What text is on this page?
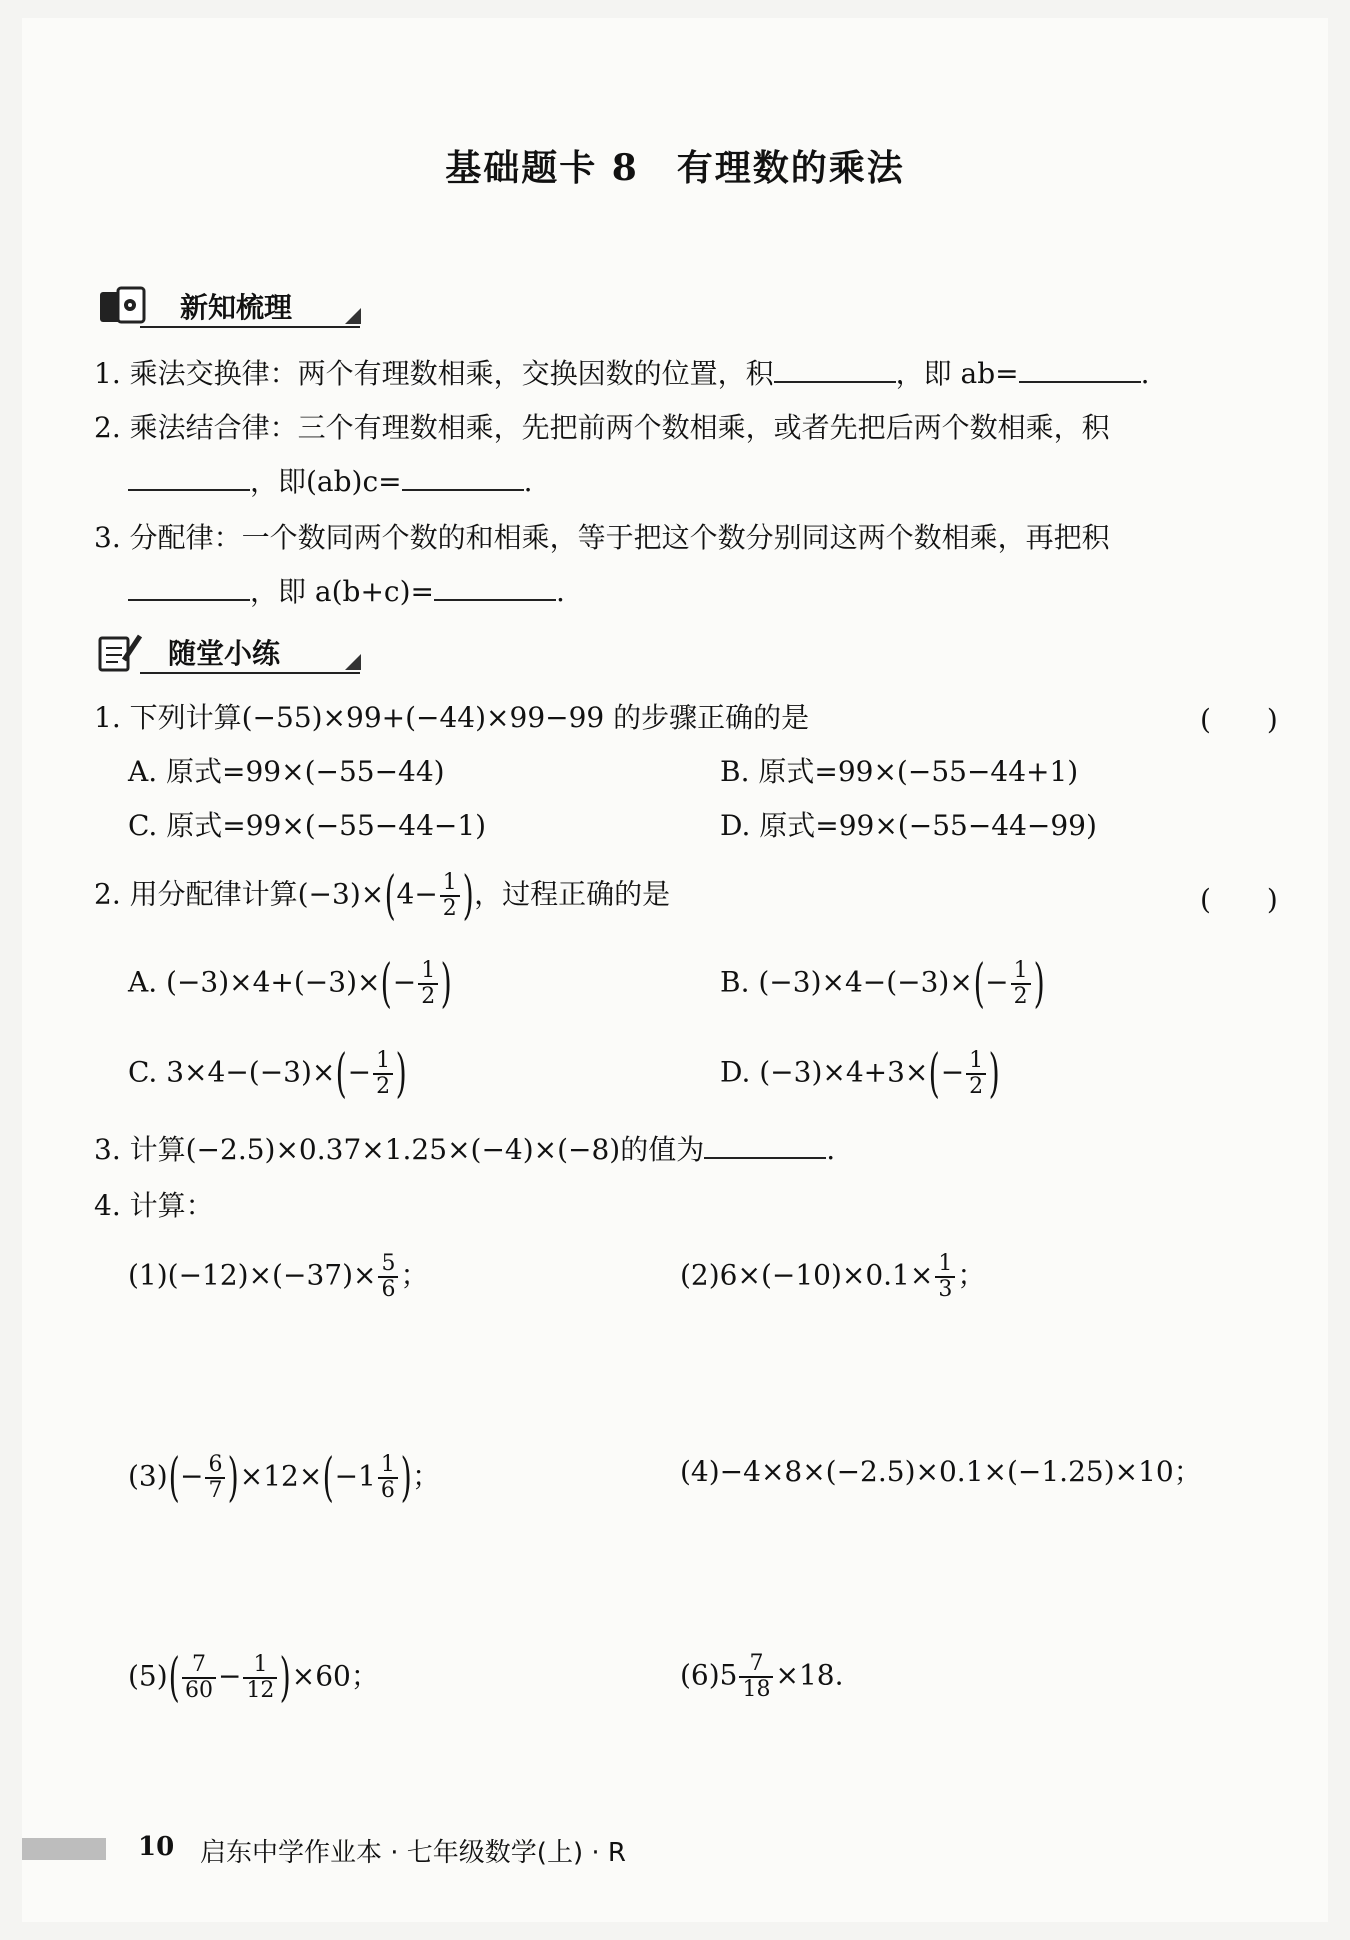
基础题卡 8　有理数的乘法
新知梳理
1. 乘法交换律：两个有理数相乘，交换因数的位置，积	，即 ab=	.
2. 乘法结合律：三个有理数相乘，先把前两个数相乘，或者先把后两个数相乘，积
，即(ab)c=	.
3. 分配律：一个数同两个数的和相乘，等于把这个数分别同这两个数相乘，再把积
，即 a(b+c)=	.
随堂小练
1. 下列计算(−55)×99+(−44)×99−99 的步骤正确的是	(　　)
A. 原式=99×(−55−44)	B. 原式=99×(−55−44+1)
C. 原式=99×(−55−44−1)	D. 原式=99×(−55−44−99)
2. 用分配律计算$(-3)\times(4- \frac{1}{2}$ )，过程正确的是	(　　)
A. $(-3)\times 4+(-3)\times(- \frac{1}{2}$ )	B. $(-3)\times 4-(-3)\times(- \frac{1}{2}$ )
C. $3\times 4-(-3)\times(- \frac{1}{2}$ )	D. $(-3)\times 4+3\times(- \frac{1}{2}$ )
3. 计算(−2.5)×0.37×1.25×(−4)×(−8)的值为	.
4. 计算：
$(1)(-12)\times(-37)\times \frac{5}{6}$ ；	$(2)6\times(-10)\times 0.1\times \frac{1}{3}$ ；
$(3)(- \frac{6}{7} )\times 12\times(-1 \frac{1}{6}$ )；	(4)−4×8×(−2.5)×0.1×(−1.25)×10；
$(5)( \frac{7}{60} - \frac{1}{12} )\times 60$；	$(6)5 \frac{7}{18} \times 18$.
10 启东中学作业本 · 七年级数学(上) · R
